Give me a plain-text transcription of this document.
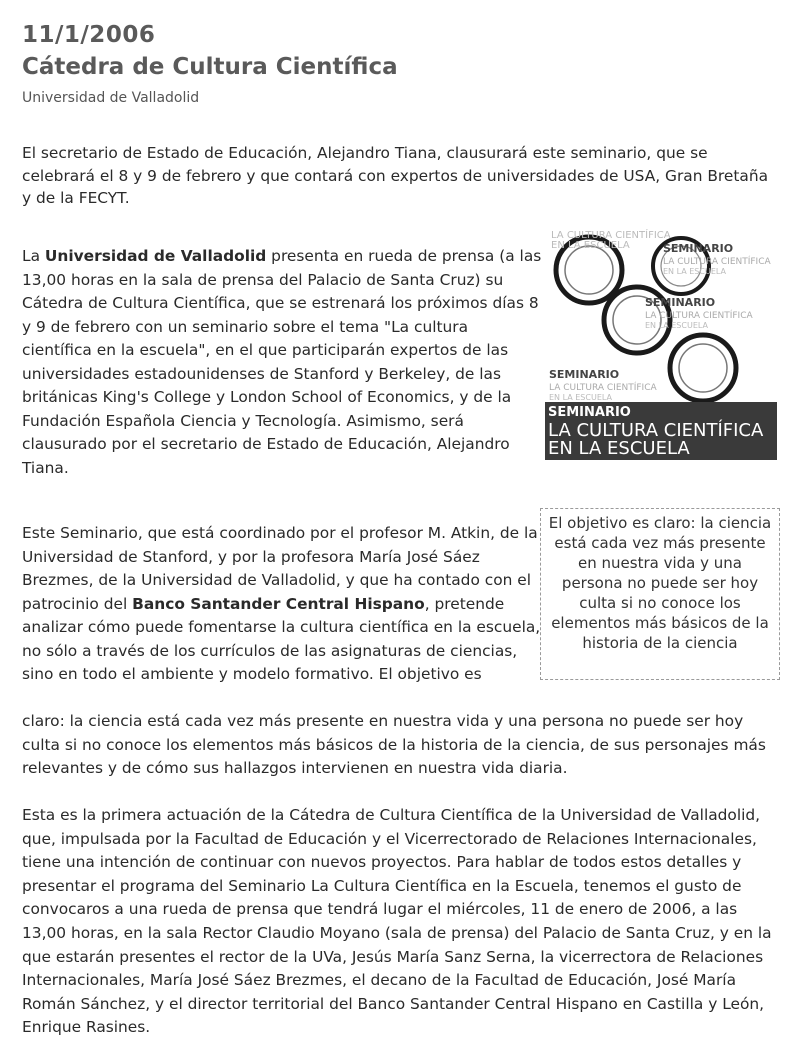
11/1/2006
Cátedra de Cultura Científica

Universidad de Valladolid

El secretario de Estado de Educación, Alejandro Tiana, clausurará este seminario, que se celebrará el 8 y 9 de febrero y que contará con expertos de universidades de USA, Gran Bretaña y de la FECYT.

La Universidad de Valladolid presenta en rueda de prensa (a las 13,00 horas en la sala de prensa del Palacio de Santa Cruz) su Cátedra de Cultura Científica, que se estrenará los próximos días 8 y 9 de febrero con un seminario sobre el tema "La cultura científica en la escuela", en el que participarán expertos de las universidades estadounidenses de Stanford y Berkeley, de las británicas King's College y London School of Economics, y de la Fundación Española Ciencia y Tecnología. Asimismo, será clausurado por el secretario de Estado de Educación, Alejandro Tiana.

Este Seminario, que está coordinado por el profesor M. Atkin, de la Universidad de Stanford, y por la profesora María José Sáez Brezmes, de la Universidad de Valladolid, y que ha contado con el patrocinio del Banco Santander Central Hispano, pretende analizar cómo puede fomentarse la cultura científica en la escuela, no sólo a través de los currículos de las asignaturas de ciencias, sino en todo el ambiente y modelo formativo. El objetivo es

claro: la ciencia está cada vez más presente en nuestra vida y una persona no puede ser hoy culta si no conoce los elementos más básicos de la historia de la ciencia, de sus personajes más relevantes y de cómo sus hallazgos intervienen en nuestra vida diaria.

Esta es la primera actuación de la Cátedra de Cultura Científica de la Universidad de Valladolid, que, impulsada por la Facultad de Educación y el Vicerrectorado de Relaciones Internacionales, tiene una intención de continuar con nuevos proyectos. Para hablar de todos estos detalles y presentar el programa del Seminario La Cultura Científica en la Escuela, tenemos el gusto de convocaros a una rueda de prensa que tendrá lugar el miércoles, 11 de enero de 2006, a las 13,00 horas, en la sala Rector Claudio Moyano (sala de prensa) del Palacio de Santa Cruz, y en la que estarán presentes el rector de la UVa, Jesús María Sanz Serna, la vicerrectora de Relaciones Internacionales, María José Sáez Brezmes, el decano de la Facultad de Educación, José María Román Sánchez, y el director territorial del Banco Santander Central Hispano en Castilla y León, Enrique Rasines.

LA CULTURA CIENTÍFICA
EN LA ESCUELA	SEMINARIO
LA CULTURA CIENTÍFICA
EN LA ESCUELA
SEMINARIO
LA CULTURA CIENTÍFICA
EN LA ESCUELA
SEMINARIO
LA CULTURA CIENTÍFICA
EN LA ESCUELA
SEMINARIO
LA CULTURA CIENTÍFICA
EN LA ESCUELA
El objetivo es claro: la ciencia está cada vez más presente en nuestra vida y una persona no puede ser hoy culta si no conoce los elementos más básicos de la historia de la ciencia
